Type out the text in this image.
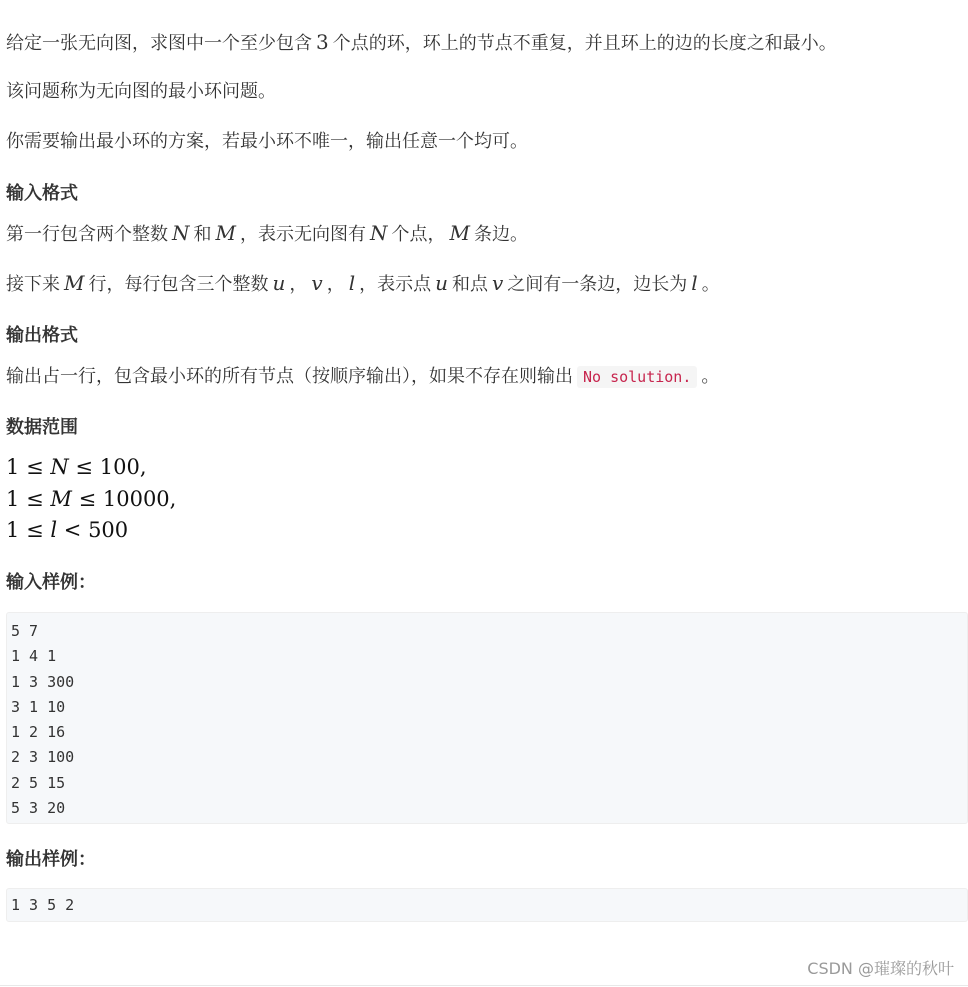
给定一张无向图，求图中一个至少包含 3 个点的环，环上的节点不重复，并且环上的边的长度之和最小。
该问题称为无向图的最小环问题。
你需要输出最小环的方案，若最小环不唯一，输出任意一个均可。
输入格式
第一行包含两个整数 N 和 M ，表示无向图有 N 个点， M 条边。
接下来 M 行，每行包含三个整数 u ， v ， l ，表示点 u 和点 v 之间有一条边，边长为 l 。
输出格式
输出占一行，包含最小环的所有节点（按顺序输出），如果不存在则输出 No solution. 。
数据范围
1 ≤ N ≤ 100,
1 ≤ M ≤ 10000,
1 ≤ l < 500
输入样例：
5 7
1 4 1
1 3 300
3 1 10
1 2 16
2 3 100
2 5 15
5 3 20
输出样例：
1 3 5 2
CSDN @璀璨的秋叶
